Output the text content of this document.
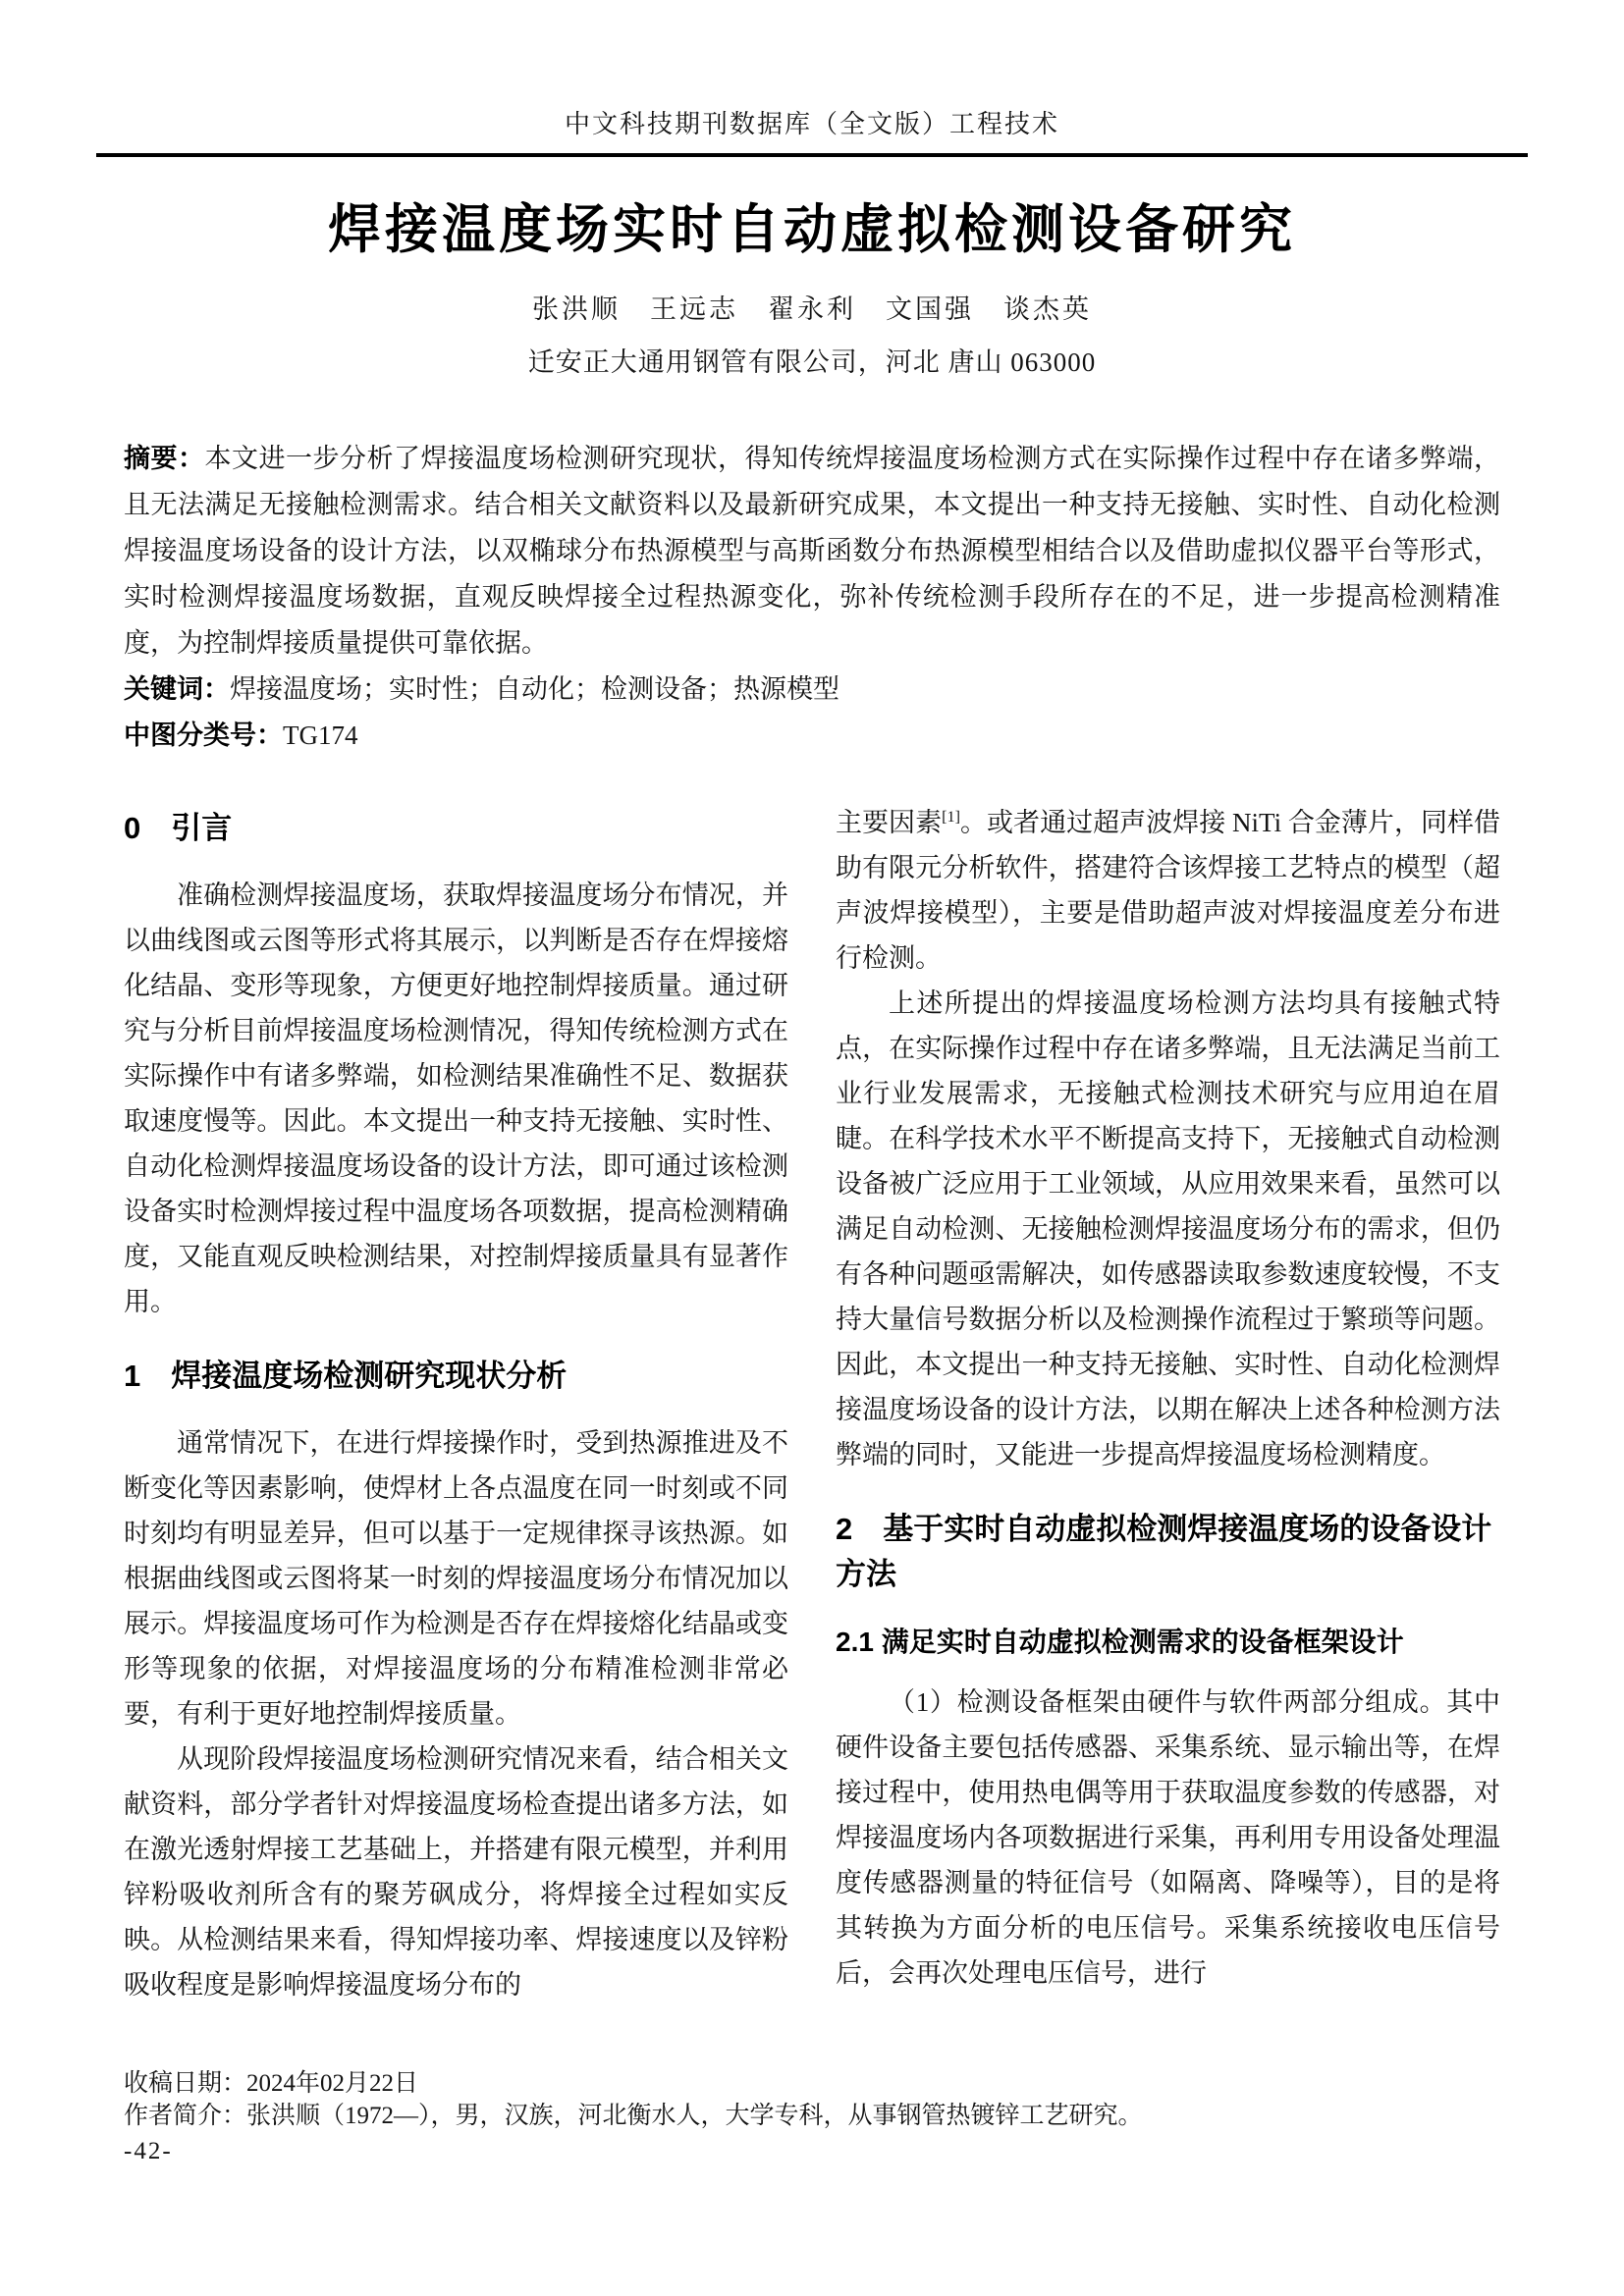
中文科技期刊数据库（全文版）工程技术
焊接温度场实时自动虚拟检测设备研究
张洪顺　王远志　翟永利　文国强　谈杰英
迁安正大通用钢管有限公司，河北 唐山 063000

摘要：本文进一步分析了焊接温度场检测研究现状，得知传统焊接温度场检测方式在实际操作过程中存在诸多弊端，且无法满足无接触检测需求。结合相关文献资料以及最新研究成果，本文提出一种支持无接触、实时性、自动化检测焊接温度场设备的设计方法，以双椭球分布热源模型与高斯函数分布热源模型相结合以及借助虚拟仪器平台等形式，实时检测焊接温度场数据，直观反映焊接全过程热源变化，弥补传统检测手段所存在的不足，进一步提高检测精准度，为控制焊接质量提供可靠依据。

关键词：焊接温度场；实时性；自动化；检测设备；热源模型

中图分类号：TG174

0　引言

准确检测焊接温度场，获取焊接温度场分布情况，并以曲线图或云图等形式将其展示，以判断是否存在焊接熔化结晶、变形等现象，方便更好地控制焊接质量。通过研究与分析目前焊接温度场检测情况，得知传统检测方式在实际操作中有诸多弊端，如检测结果准确性不足、数据获取速度慢等。因此。本文提出一种支持无接触、实时性、自动化检测焊接温度场设备的设计方法，即可通过该检测设备实时检测焊接过程中温度场各项数据，提高检测精确度，又能直观反映检测结果，对控制焊接质量具有显著作用。

1　焊接温度场检测研究现状分析

通常情况下，在进行焊接操作时，受到热源推进及不断变化等因素影响，使焊材上各点温度在同一时刻或不同时刻均有明显差异，但可以基于一定规律探寻该热源。如根据曲线图或云图将某一时刻的焊接温度场分布情况加以展示。焊接温度场可作为检测是否存在焊接熔化结晶或变形等现象的依据，对焊接温度场的分布精准检测非常必要，有利于更好地控制焊接质量。

从现阶段焊接温度场检测研究情况来看，结合相关文献资料，部分学者针对焊接温度场检查提出诸多方法，如在激光透射焊接工艺基础上，并搭建有限元模型，并利用锌粉吸收剂所含有的聚芳砜成分，将焊接全过程如实反映。从检测结果来看，得知焊接功率、焊接速度以及锌粉吸收程度是影响焊接温度场分布的

主要因素[1]。或者通过超声波焊接 NiTi 合金薄片，同样借助有限元分析软件，搭建符合该焊接工艺特点的模型（超声波焊接模型），主要是借助超声波对焊接温度差分布进行检测。

上述所提出的焊接温度场检测方法均具有接触式特点，在实际操作过程中存在诸多弊端，且无法满足当前工业行业发展需求，无接触式检测技术研究与应用迫在眉睫。在科学技术水平不断提高支持下，无接触式自动检测设备被广泛应用于工业领域，从应用效果来看，虽然可以满足自动检测、无接触检测焊接温度场分布的需求，但仍有各种问题亟需解决，如传感器读取参数速度较慢，不支持大量信号数据分析以及检测操作流程过于繁琐等问题。因此，本文提出一种支持无接触、实时性、自动化检测焊接温度场设备的设计方法，以期在解决上述各种检测方法弊端的同时，又能进一步提高焊接温度场检测精度。

2　基于实时自动虚拟检测焊接温度场的设备设计方法
2.1 满足实时自动虚拟检测需求的设备框架设计

（1）检测设备框架由硬件与软件两部分组成。其中硬件设备主要包括传感器、采集系统、显示输出等，在焊接过程中，使用热电偶等用于获取温度参数的传感器，对焊接温度场内各项数据进行采集，再利用专用设备处理温度传感器测量的特征信号（如隔离、降噪等），目的是将其转换为方面分析的电压信号。采集系统接收电压信号后，会再次处理电压信号，进行

收稿日期：2024年02月22日
作者简介：张洪顺（1972—），男，汉族，河北衡水人，大学专科，从事钢管热镀锌工艺研究。
-42-
